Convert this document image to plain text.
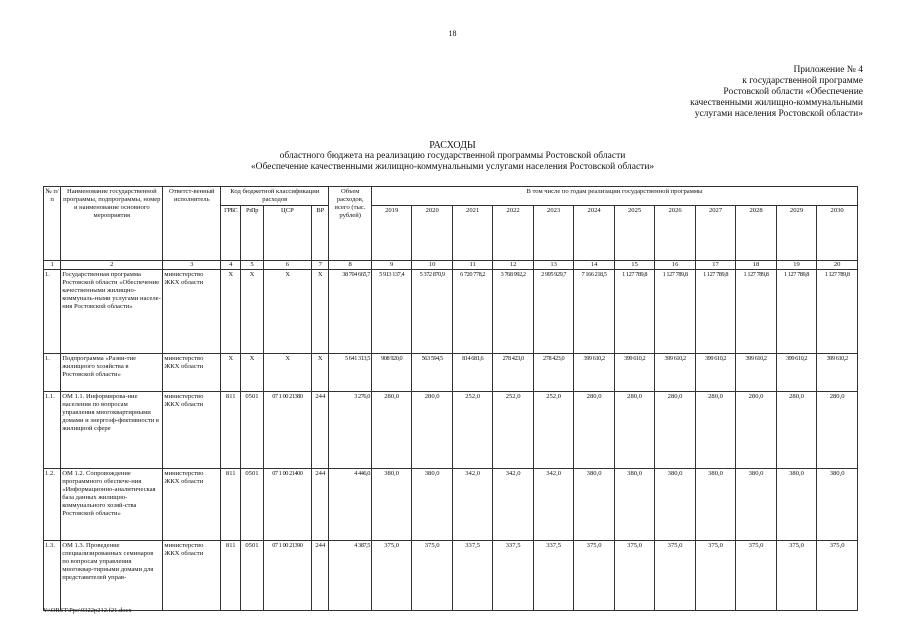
18
Приложение № 4
к государственной программе
Ростовской области «Обеспечение
качественными жилищно-коммунальными
услугами населения Ростовской области»
РАСХОДЫ
областного бюджета на реализацию государственной программы Ростовской области
«Обеспечение качественными жилищно-коммунальными услугами населения Ростовской области»
№ п/п	Наименование государственной программы, подпрограммы, номер и наименование основного мероприятия	Ответст-венный исполнитель	Код бюджетной классификации расходов				Объем расходов, всего (тыс. рублей)	В том числе по годам реализации государственной программы											
			ГРБС	РзПр	ЦСР	ВР		2019	2020	2021	2022	2023	2024	2025	2026	2027	2028	2029	2030
1	2	3	4	5	6	7	8	9	10	11	12	13	14	15	16	17	18	19	20
1.	Государственная программа Ростовской области «Обеспечение качественными жилищно-коммуналь-ными услугами населе-ния Ростовской области»	министерство ЖКХ области	Х	Х	Х	Х	38 704 665,7	5 913 137,4	5 372 870,9	6 720 778,2	3 768 992,2	2 995 929,7	7 166 218,5	1 127 789,8	1 127 789,8	1 127 789,8	1 127 789,8	1 127 789,8	1 127 789,8
1.	Подпрограмма «Разви-тие жилищного хозяйства в Ростовской области»	министерство ЖКХ области	Х	Х	Х	Х	5 641 313,5	908 920,0	563 594,5	814 681,6	278 423,0	278 423,0	399 610,2	399 610,2	399 610,2	399 610,2	399 610,2	399 610,2	399 610,2
1.1.	ОМ 1.1. Информирова-ние населения по вопросам управления многоквартирными домами и энергоэф-фективности в жилищной сфере	министерство ЖКХ области	811	0501	07 1 00 21380	244	3 276,0	280,0	280,0	252,0	252,0	252,0	280,0	280,0	280,0	280,0	280,0	280,0	280,0
1.2.	ОМ 1.2. Сопровождение программного обеспече-ния «Информационно-аналитическая база данных жилищно-коммунального хозяй-ства Ростовской области»	министерство ЖКХ области	811	0501	07 1 00 21400	244	4 446,0	380,0	380,0	342,0	342,0	342,0	380,0	380,0	380,0	380,0	380,0	380,0	380,0
1.3.	ОМ 1.3. Проведение специализированных семинаров по вопросам управления многоквар-тирными домами для представителей управ-	министерство ЖКХ области	811	0501	07 1 00 21390	244	4 387,5	375,0	375,0	337,5	337,5	337,5	375,0	375,0	375,0	375,0	375,0	375,0	375,0
Y:\ORST\Ppo\0322p212.f21.docx
